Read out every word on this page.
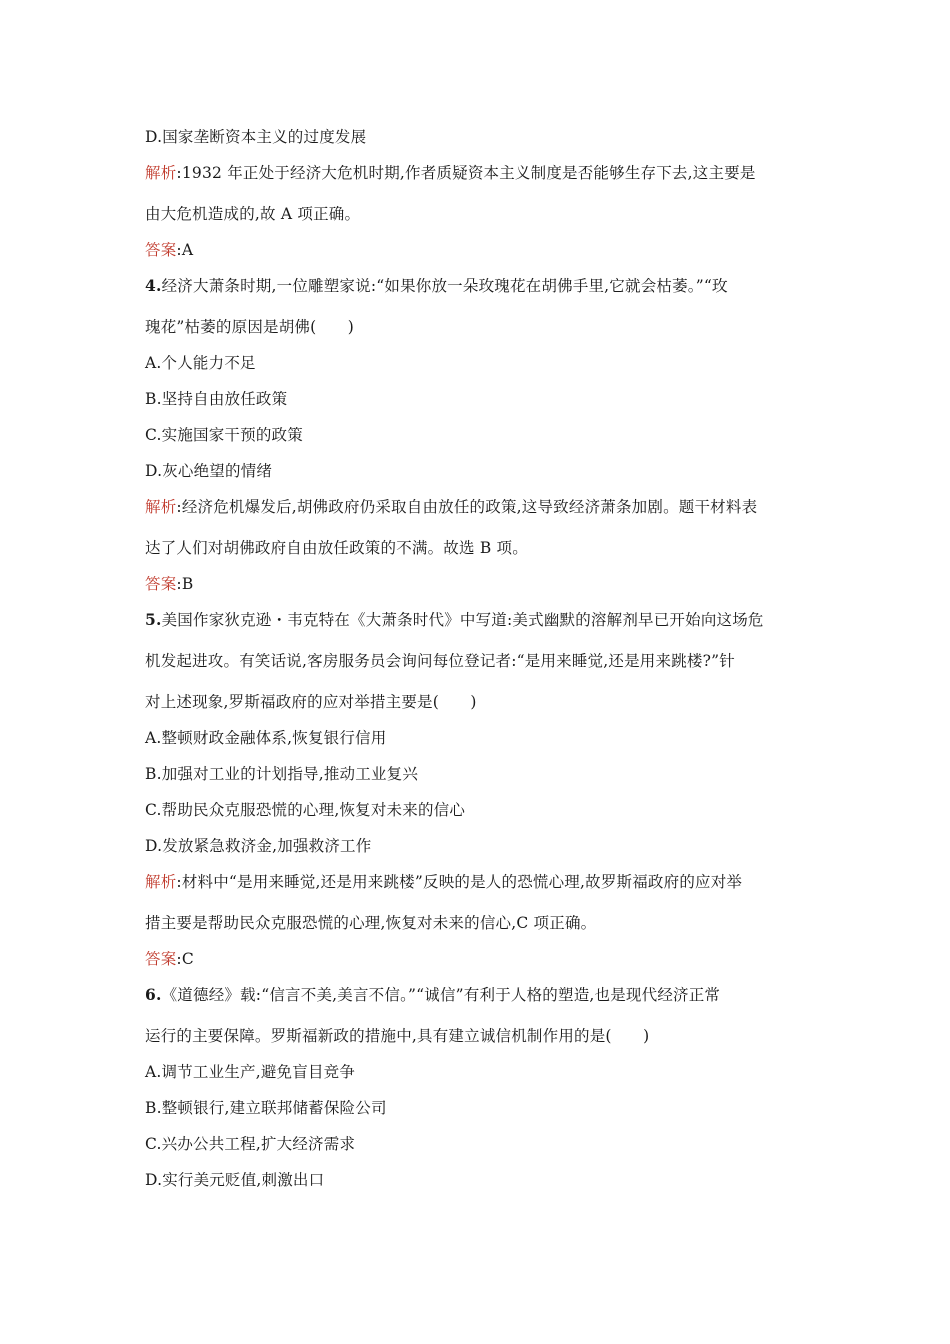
D.国家垄断资本主义的过度发展
解析:1932 年正处于经济大危机时期,作者质疑资本主义制度是否能够生存下去,这主要是
由大危机造成的,故 A 项正确。
答案:A
4.经济大萧条时期,一位雕塑家说:“如果你放一朵玫瑰花在胡佛手里,它就会枯萎。”“玫
瑰花”枯萎的原因是胡佛(　　)
A.个人能力不足
B.坚持自由放任政策
C.实施国家干预的政策
D.灰心绝望的情绪
解析:经济危机爆发后,胡佛政府仍采取自由放任的政策,这导致经济萧条加剧。题干材料表
达了人们对胡佛政府自由放任政策的不满。故选 B 项。
答案:B
5.美国作家狄克逊・韦克特在《大萧条时代》中写道:美式幽默的溶解剂早已开始向这场危
机发起进攻。有笑话说,客房服务员会询问每位登记者:“是用来睡觉,还是用来跳楼?”针
对上述现象,罗斯福政府的应对举措主要是(　　)
A.整顿财政金融体系,恢复银行信用
B.加强对工业的计划指导,推动工业复兴
C.帮助民众克服恐慌的心理,恢复对未来的信心
D.发放紧急救济金,加强救济工作
解析:材料中“是用来睡觉,还是用来跳楼”反映的是人的恐慌心理,故罗斯福政府的应对举
措主要是帮助民众克服恐慌的心理,恢复对未来的信心,C 项正确。
答案:C
6.《道德经》载:“信言不美,美言不信。”“诚信”有利于人格的塑造,也是现代经济正常
运行的主要保障。罗斯福新政的措施中,具有建立诚信机制作用的是(　　)
A.调节工业生产,避免盲目竞争
B.整顿银行,建立联邦储蓄保险公司
C.兴办公共工程,扩大经济需求
D.实行美元贬值,刺激出口
